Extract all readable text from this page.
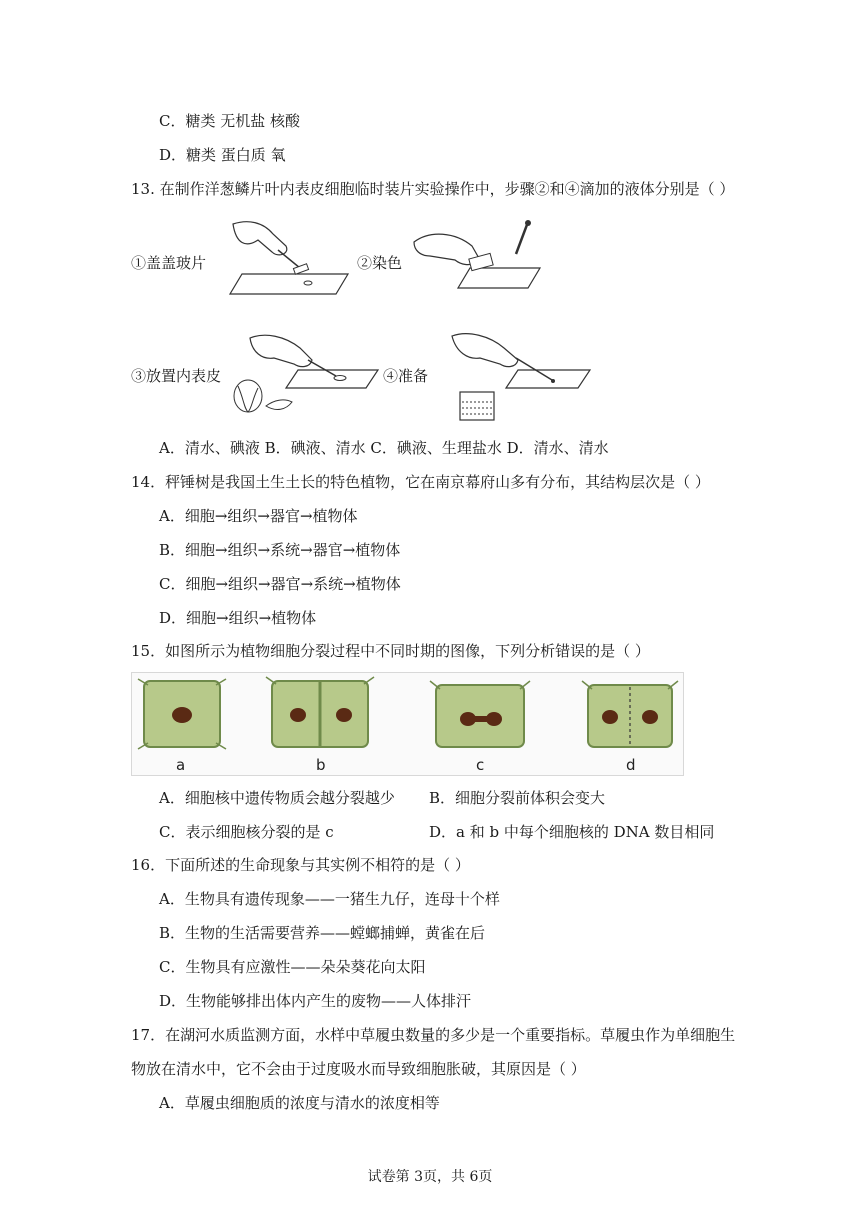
C．糖类 无机盐 核酸
D．糖类 蛋白质 氧
13. 在制作洋葱鳞片叶内表皮细胞临时装片实验操作中，步骤②和④滴加的液体分别是（ ）
①盖盖玻片	②染色
③放置内表皮	④准备
A．清水、碘液 B．碘液、清水 C．碘液、生理盐水 D．清水、清水
14．秤锤树是我国土生土长的特色植物，它在南京幕府山多有分布，其结构层次是（ ）
A．细胞→组织→器官→植物体
B．细胞→组织→系统→器官→植物体
C．细胞→组织→器官→系统→植物体
D．细胞→组织→植物体
15．如图所示为植物细胞分裂过程中不同时期的图像，下列分析错误的是（ ）
a	b	c	d
A．细胞核中遗传物质会越分裂越少 B．细胞分裂前体积会变大
C．表示细胞核分裂的是 c	D．a 和 b 中每个细胞核的 DNA 数目相同
16．下面所述的生命现象与其实例不相符的是（ ）
A．生物具有遗传现象——一猪生九仔，连母十个样
B．生物的生活需要营养——螳螂捕蝉，黄雀在后
C．生物具有应激性——朵朵葵花向太阳
D．生物能够排出体内产生的废物——人体排汗
17．在湖河水质监测方面，水样中草履虫数量的多少是一个重要指标。草履虫作为单细胞生
物放在清水中，它不会由于过度吸水而导致细胞胀破，其原因是（ ）
A．草履虫细胞质的浓度与清水的浓度相等
试卷第 3页，共 6页
